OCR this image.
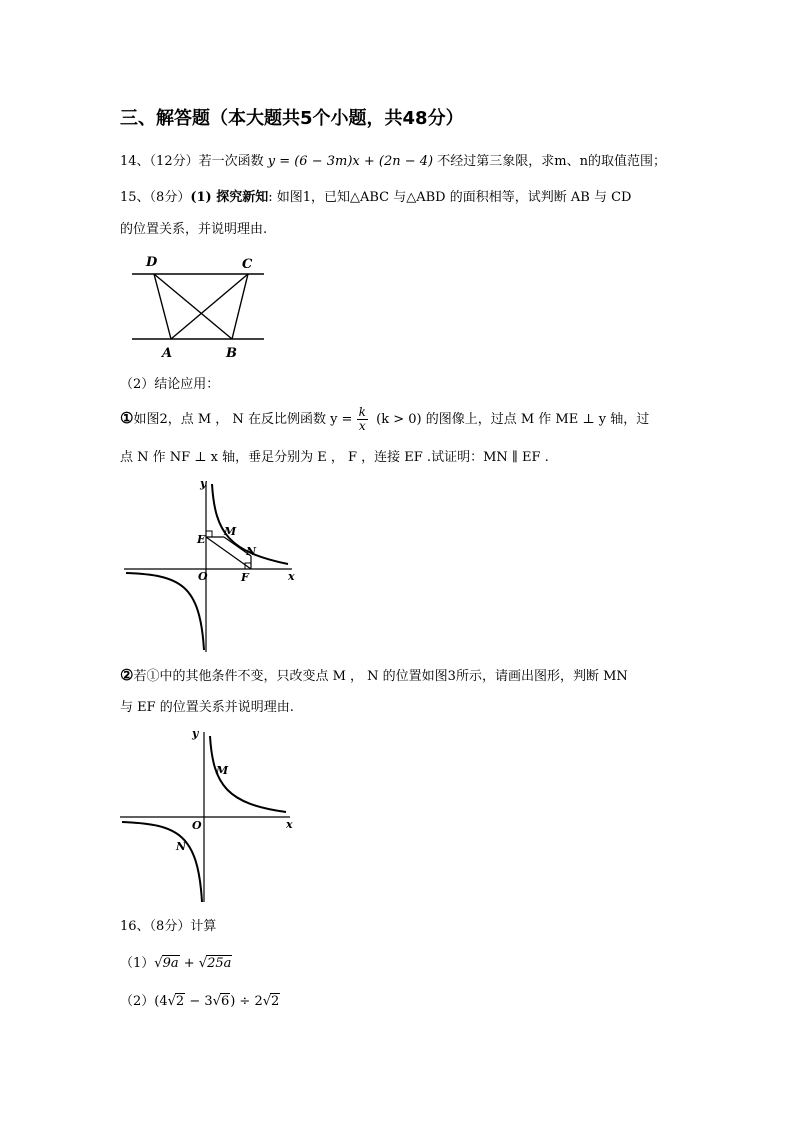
三、解答题（本大题共5个小题，共48分）
14、（12分）若一次函数 y = (6 − 3m)x + (2n − 4) 不经过第三象限，求m、n的取值范围；
15、（8分）(1) 探究新知: 如图1，已知△ABC 与△ABD 的面积相等，试判断 AB 与 CD
的位置关系，并说明理由.
D	C
A	B
（2）结论应用：
①如图2，点 M ， N 在反比例函数 $y = \frac{k}{x} (k > 0)$ 的图像上，过点 M 作 ME ⊥ y 轴，过
点 N 作 NF ⊥ x 轴，垂足分别为 E ， F ，连接 EF .试证明：MN ∥ EF .
y
x
O
E
M
N
F
②若①中的其他条件不变，只改变点 M ， N 的位置如图3所示，请画出图形，判断 MN
与 EF 的位置关系并说明理由.
y
x
O
M
N
16、（8分）计算
（1）√9a + √25a
（2）(4√2 − 3√6) ÷ 2√2
